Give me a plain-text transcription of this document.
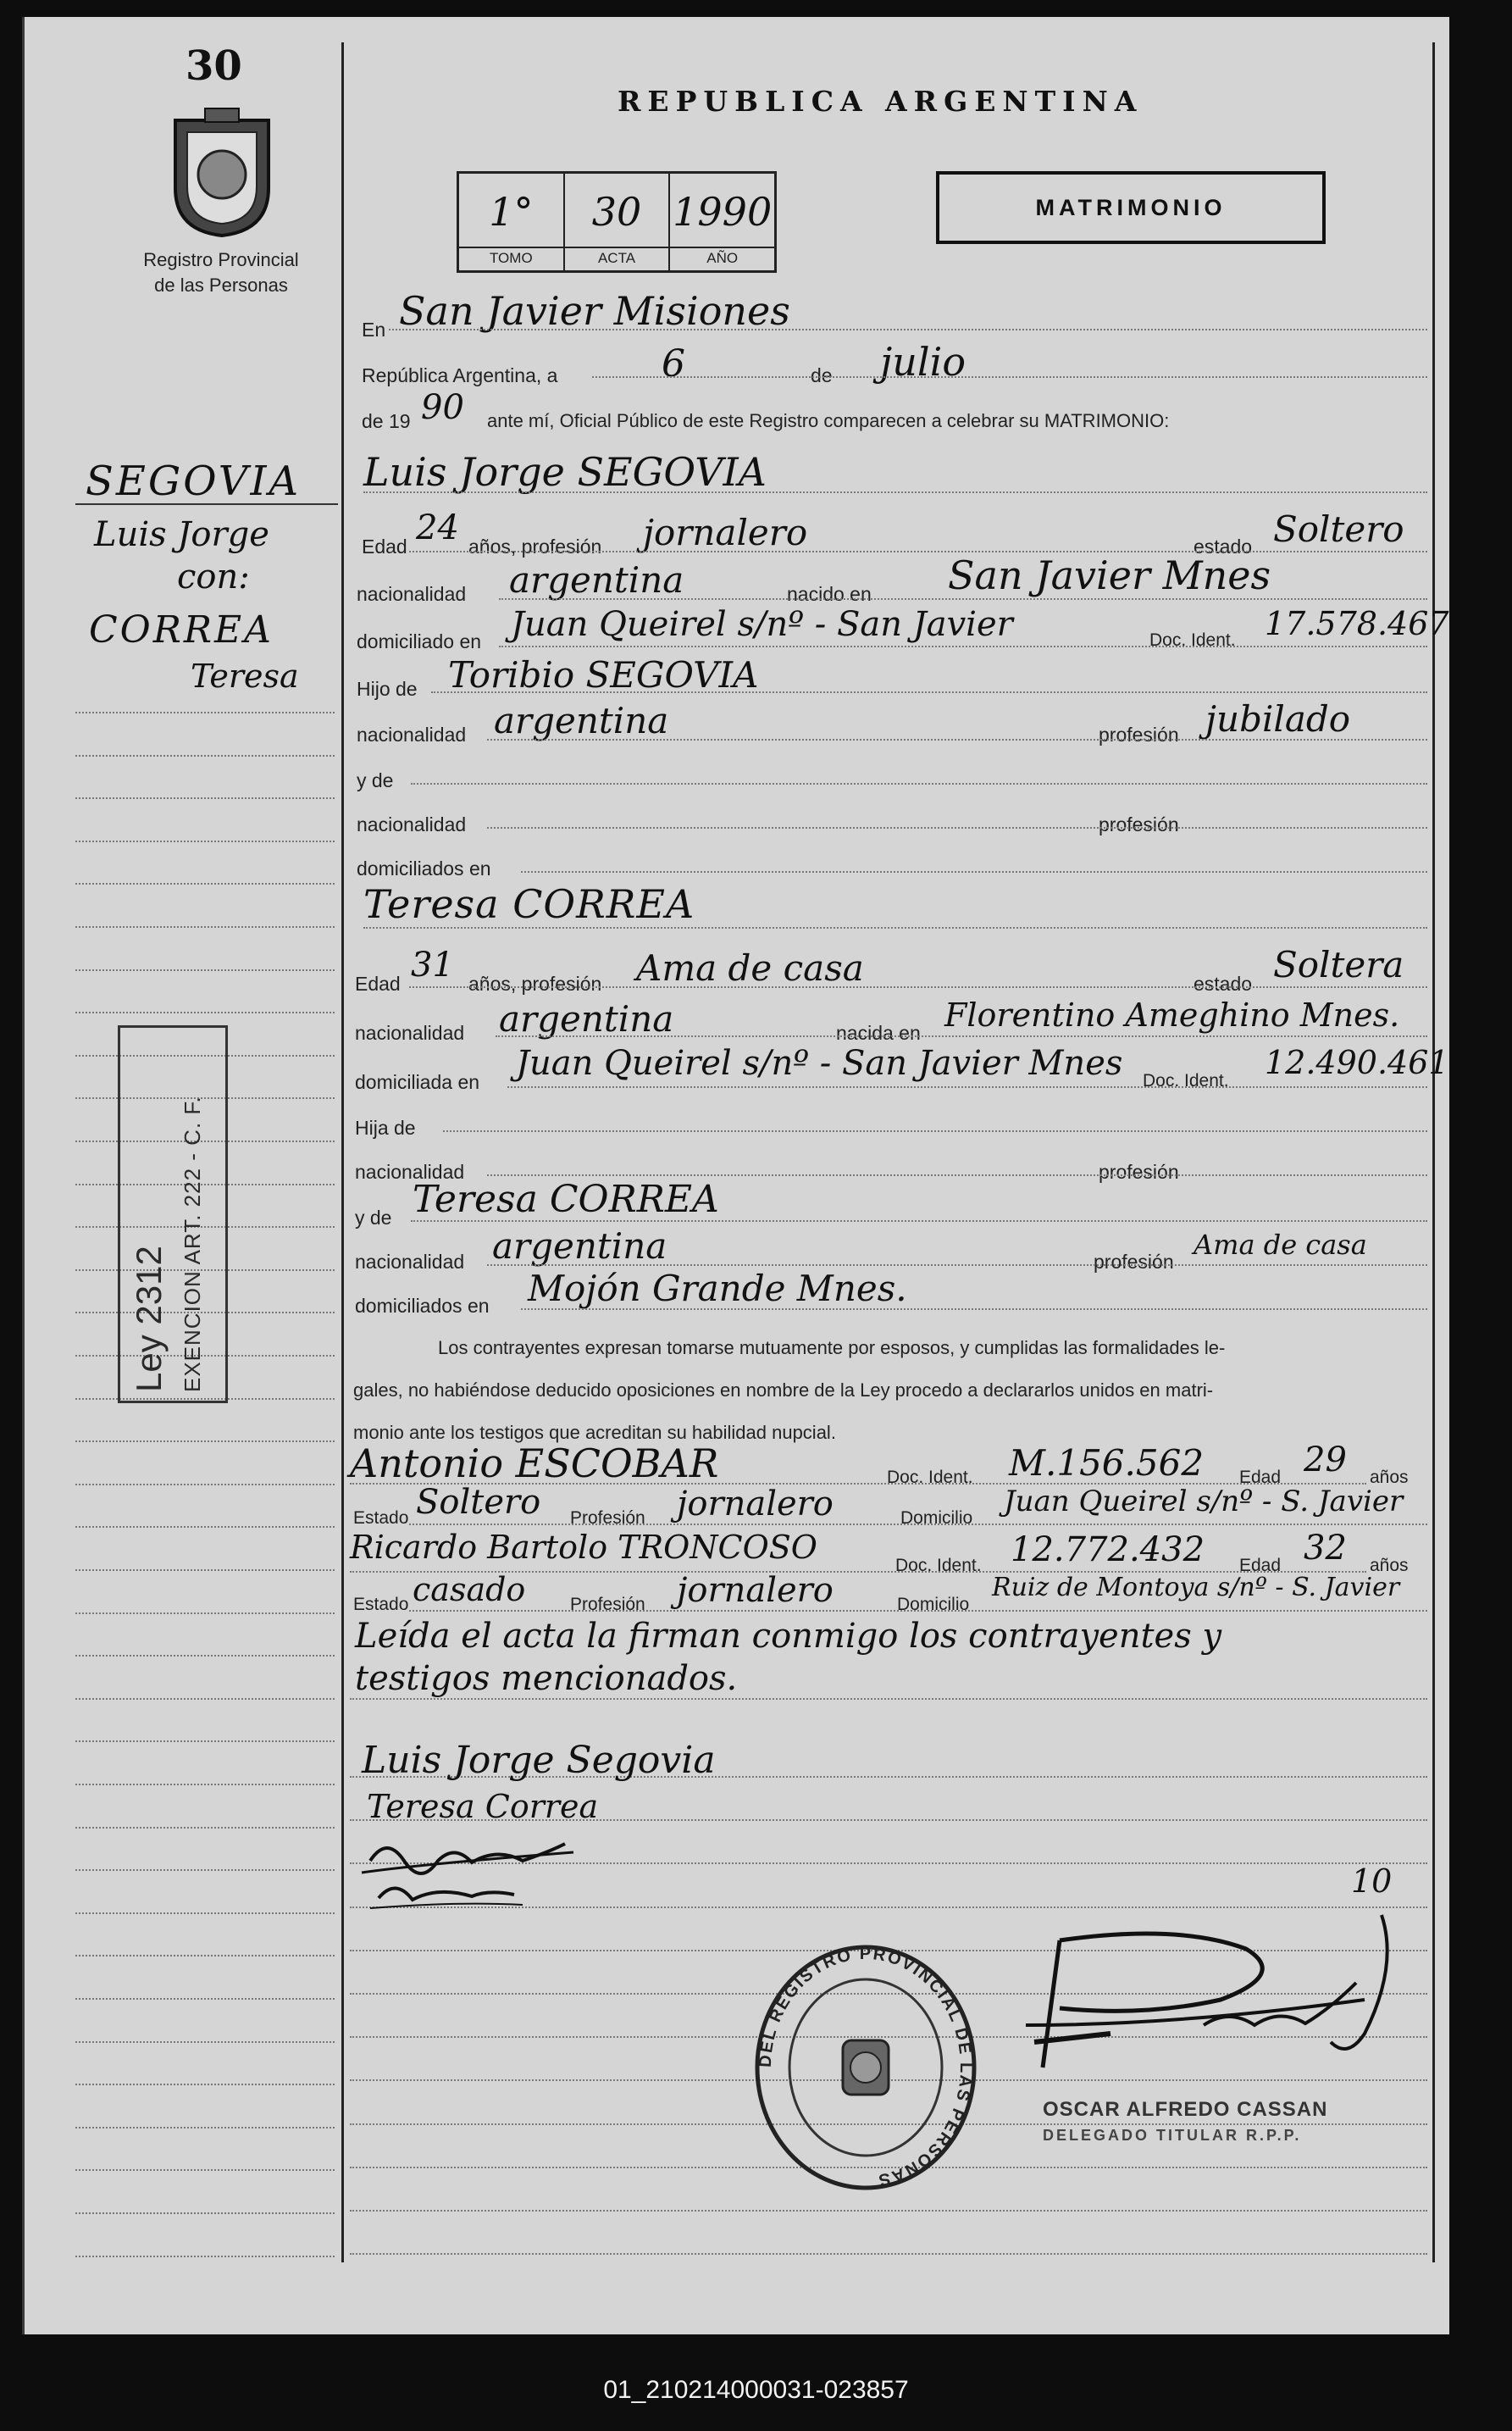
30
Registro Provincial
de las Personas
REPUBLICA ARGENTINA
1°
TOMO
30
ACTA
1990
AÑO
MATRIMONIO
SEGOVIA
Luis Jorge
con:
CORREA
Teresa
Ley 2312 EXENCION ART. 222 - C. F.
En San Javier Misiones
República Argentina, a	6	de julio
de 19 90 ante mí, Oficial Público de este Registro comparecen a celebrar su MATRIMONIO:
Luis Jorge SEGOVIA
Edad 24 años, profesión jornalero	estado Soltero
nacionalidad argentina	nacido en San Javier Mnes
domiciliado en Juan Queirel s/nº - San Javier	Doc. Ident. 17.578.467
Hijo de Toribio SEGOVIA
nacionalidad argentina	profesión jubilado
y de
nacionalidad	profesión
domiciliados en
Teresa CORREA
Edad 31 años, profesión Ama de casa	estado Soltera
nacionalidad argentina	nacida en Florentino Ameghino Mnes.
domiciliada en Juan Queirel s/nº - San Javier Mnes Doc. Ident. 12.490.461
Hija de
nacionalidad	profesión
y de Teresa CORREA
nacionalidad argentina	profesión
Ama de casa
domiciliados en Mojón Grande Mnes.
Los contrayentes expresan tomarse mutuamente por esposos, y cumplidas las formalidades le-
gales, no habiéndose deducido oposiciones en nombre de la Ley procedo a declararlos unidos en matri-
monio ante los testigos que acreditan su habilidad nupcial.
Antonio ESCOBAR	Doc. Ident. M.156.562 Edad 29 años
Estado Soltero Profesión jornalero	Domicilio Juan Queirel s/nº - S. Javier
Ricardo Bartolo TRONCOSO	Doc. Ident. 12.772.432 Edad 32 años
Estado casado	Profesión jornalero	Domicilio
Ruiz de Montoya s/nº - S. Javier
Leída el acta la firman conmigo los contrayentes y
testigos mencionados.
Luis Jorge Segovia
Teresa Correa
DEL REGISTRO PROVINCIAL DE LAS PERSONAS
10
OSCAR ALFREDO CASSAN
DELEGADO TITULAR R.P.P.
01_210214000031-023857
